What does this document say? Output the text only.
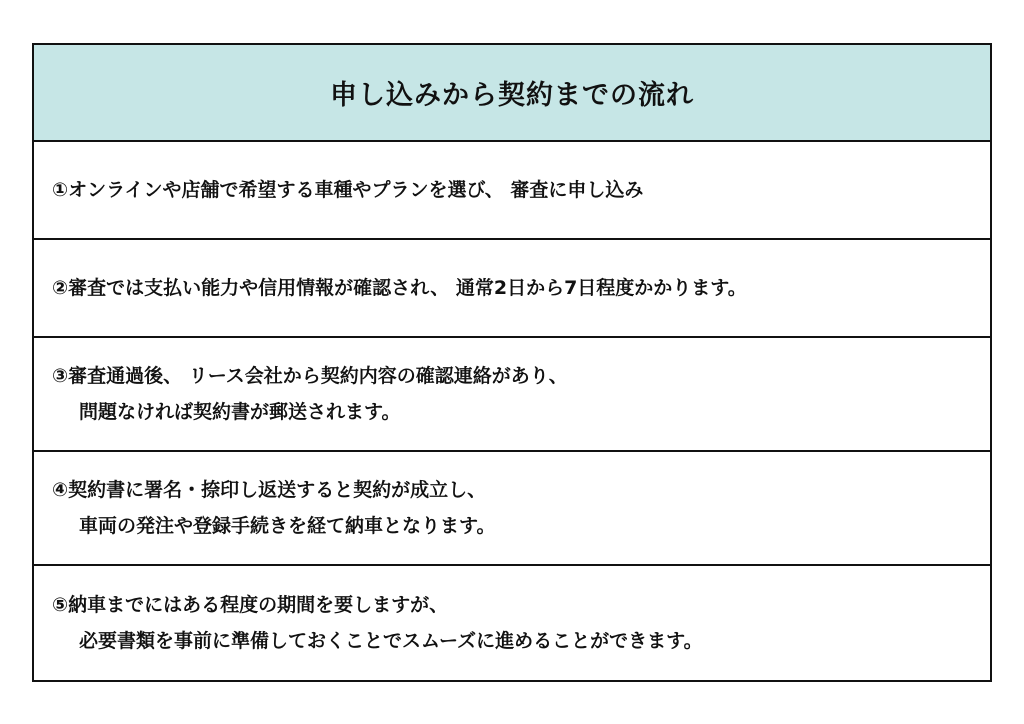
申し込みから契約までの流れ
①オンラインや店舗で希望する車種やプランを選び、 審査に申し込み
②審査では支払い能力や信用情報が確認され、 通常2日から7日程度かかります。
③審査通過後、 リース会社から契約内容の確認連絡があり、
問題なければ契約書が郵送されます。
④契約書に署名・捺印し返送すると契約が成立し、
車両の発注や登録手続きを経て納車となります。
⑤納車までにはある程度の期間を要しますが、
必要書類を事前に準備しておくことでスムーズに進めることができます。
